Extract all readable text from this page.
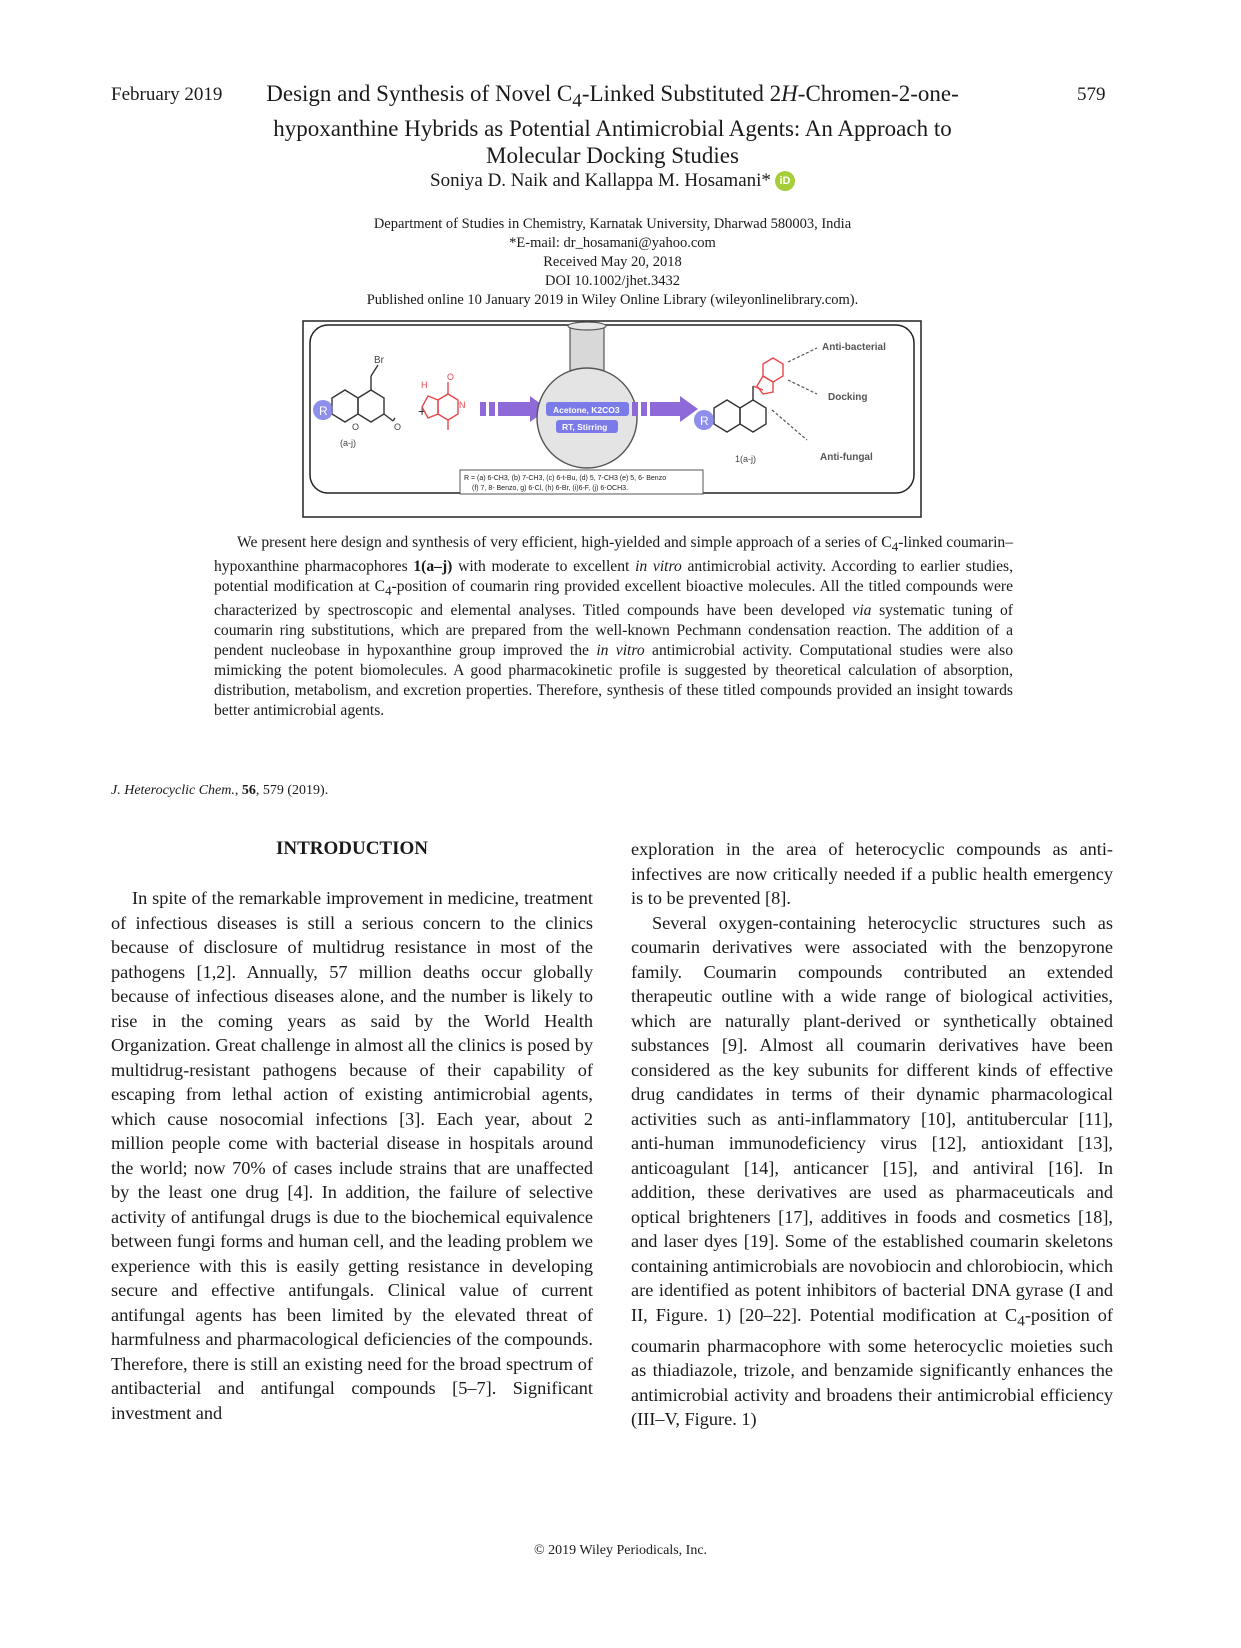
February 2019	579
Design and Synthesis of Novel $C_4$-Linked Substituted 2H-Chromen-2-one-hypoxanthine Hybrids as Potential Antimicrobial Agents: An Approach to Molecular Docking Studies
Soniya D. Naik and Kallappa M. Hosamani* iD
Department of Studies in Chemistry, Karnatak University, Dharwad 580003, India
*E-mail: dr_hosamani@yahoo.com
Received May 20, 2018
DOI 10.1002/jhet.3432
Published online 10 January 2019 in Wiley Online Library (wileyonlinelibrary.com).
R
Br
O	O
(a-j)
+
H
O
N	Acetone, K2CO3
RT, Stirring	R
1(a-j)
Anti-bacterial
Docking
Anti-fungal
R = (a) 6-CH3, (b) 7-CH3, (c) 6-t-Bu, (d) 5, 7-CH3 (e) 5, 6- Benzo
(f) 7, 8- Benzo, g) 6-Cl, (h) 6-Br, (i)6-F, (j) 6-OCH3.

We present here design and synthesis of very efficient, high-yielded and simple approach of a series of $C_4$-linked coumarin–hypoxanthine pharmacophores 1(a–j) with moderate to excellent in vitro antimicrobial activity. According to earlier studies, potential modification at $C_4$-position of coumarin ring provided excellent bioactive molecules. All the titled compounds were characterized by spectroscopic and elemental analyses. Titled compounds have been developed via systematic tuning of coumarin ring substitutions, which are prepared from the well-known Pechmann condensation reaction. The addition of a pendent nucleobase in hypoxanthine group improved the in vitro antimicrobial activity. Computational studies were also mimicking the potent biomolecules. A good pharmacokinetic profile is suggested by theoretical calculation of absorption, distribution, metabolism, and excretion properties. Therefore, synthesis of these titled compounds provided an insight towards better antimicrobial agents.

J. Heterocyclic Chem., 56, 579 (2019).
INTRODUCTION

In spite of the remarkable improvement in medicine, treatment of infectious diseases is still a serious concern to the clinics because of disclosure of multidrug resistance in most of the pathogens [1,2]. Annually, 57 million deaths occur globally because of infectious diseases alone, and the number is likely to rise in the coming years as said by the World Health Organization. Great challenge in almost all the clinics is posed by multidrug-resistant pathogens because of their capability of escaping from lethal action of existing antimicrobial agents, which cause nosocomial infections [3]. Each year, about 2 million people come with bacterial disease in hospitals around the world; now 70% of cases include strains that are unaffected by the least one drug [4]. In addition, the failure of selective activity of antifungal drugs is due to the biochemical equivalence between fungi forms and human cell, and the leading problem we experience with this is easily getting resistance in developing secure and effective antifungals. Clinical value of current antifungal agents has been limited by the elevated threat of harmfulness and pharmacological deficiencies of the compounds. Therefore, there is still an existing need for the broad spectrum of antibacterial and antifungal compounds [5–7]. Significant investment and

exploration in the area of heterocyclic compounds as anti-infectives are now critically needed if a public health emergency is to be prevented [8].

Several oxygen-containing heterocyclic structures such as coumarin derivatives were associated with the benzopyrone family. Coumarin compounds contributed an extended therapeutic outline with a wide range of biological activities, which are naturally plant-derived or synthetically obtained substances [9]. Almost all coumarin derivatives have been considered as the key subunits for different kinds of effective drug candidates in terms of their dynamic pharmacological activities such as anti-inflammatory [10], antitubercular [11], anti-human immunodeficiency virus [12], antioxidant [13], anticoagulant [14], anticancer [15], and antiviral [16]. In addition, these derivatives are used as pharmaceuticals and optical brighteners [17], additives in foods and cosmetics [18], and laser dyes [19]. Some of the established coumarin skeletons containing antimicrobials are novobiocin and chlorobiocin, which are identified as potent inhibitors of bacterial DNA gyrase (I and II, Figure. 1) [20–22]. Potential modification at $C_4$-position of coumarin pharmacophore with some heterocyclic moieties such as thiadiazole, trizole, and benzamide significantly enhances the antimicrobial activity and broadens their antimicrobial efficiency (III–V, Figure. 1)

© 2019 Wiley Periodicals, Inc.
